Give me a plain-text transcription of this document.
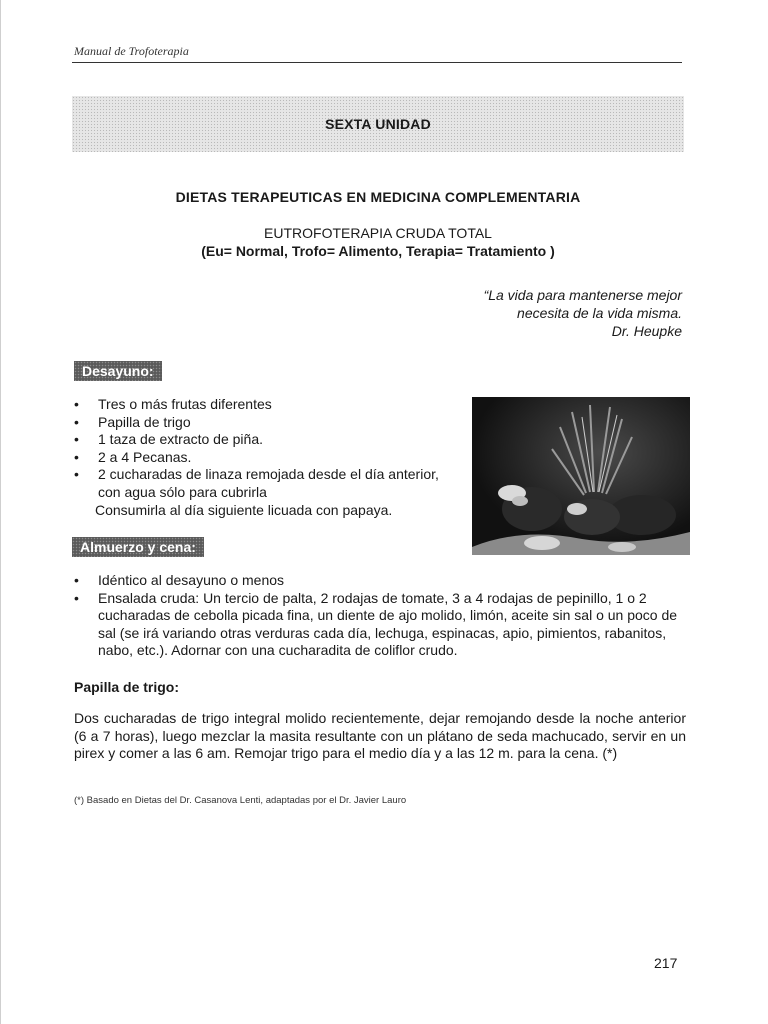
Manual de Trofoterapia
SEXTA UNIDAD
DIETAS TERAPEUTICAS EN MEDICINA COMPLEMENTARIA
EUTROFOTERAPIA CRUDA TOTAL
(Eu= Normal, Trofo= Alimento, Terapia= Tratamiento )
“La vida para mantenerse mejor
necesita de la vida misma.
Dr. Heupke
Desayuno:
• Tres o más frutas diferentes
• Papilla de trigo
• 1 taza de extracto de piña.
• 2 a 4 Pecanas.
• 2 cucharadas de linaza remojada desde el día anterior, con agua sólo para cubrirla
Consumirla al día siguiente licuada con papaya.
Almuerzo y cena:
• Idéntico al desayuno o menos
• Ensalada cruda: Un tercio de palta, 2 rodajas de tomate, 3 a 4 rodajas de pepinillo, 1 o 2 cucharadas de cebolla picada fina, un diente de ajo molido, limón, aceite sin sal o un poco de sal (se irá variando otras verduras cada día, lechuga, espinacas, apio, pimientos, rabanitos, nabo, etc.). Adornar con una cucharadita de coliflor crudo.
Papilla de trigo:
Dos cucharadas de trigo integral molido recientemente, dejar remojando desde la noche anterior (6 a 7 horas), luego mezclar la masita resultante con un plátano de seda machucado, servir en un pirex y comer a las 6 am. Remojar trigo para el medio día y a las 12 m. para la cena. (*)
(*) Basado en Dietas del Dr. Casanova Lenti, adaptadas por el Dr. Javier Lauro
217
